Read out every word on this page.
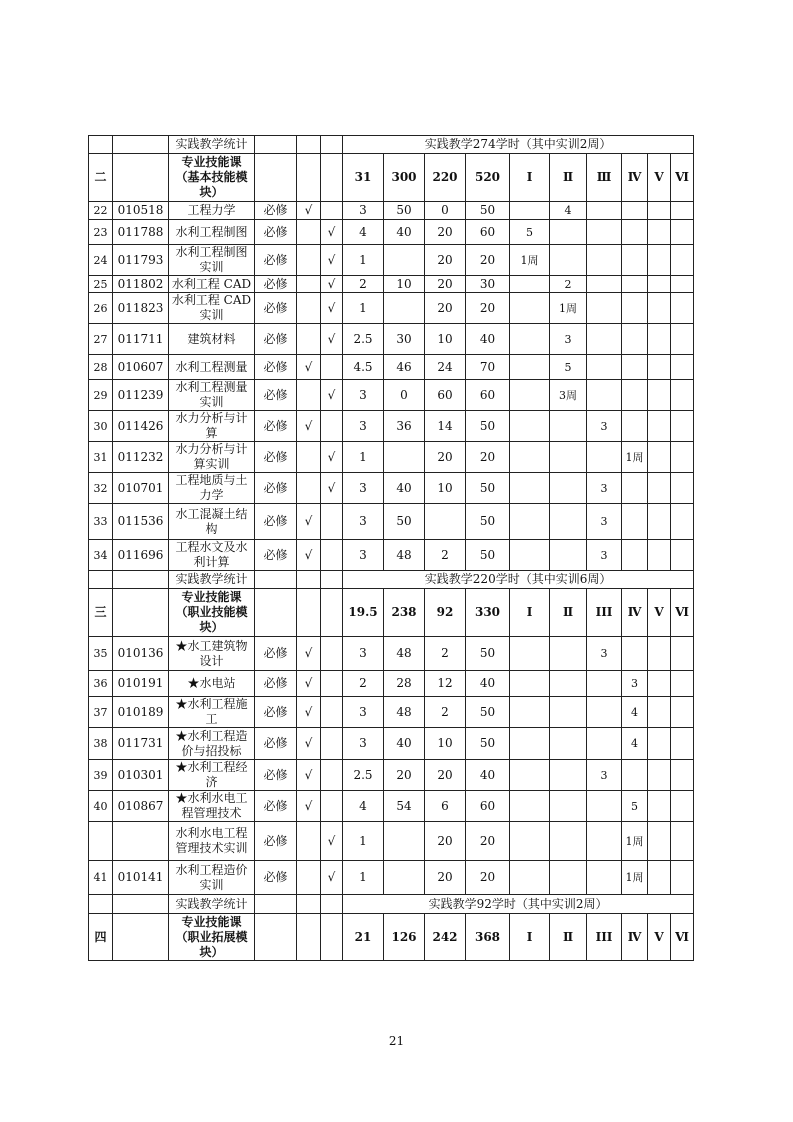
		实践教学统计				实践教学274学时（其中实训2周）									
二		专业技能课（基本技能模块）				31	300	220	520	Ⅰ	Ⅱ	Ⅲ	Ⅳ	Ⅴ	Ⅵ
22	010518	工程力学	必修	√		3	50	0	50		4				
23	011788	水利工程制图	必修		√	4	40	20	60	5					
24	011793	水利工程制图实训	必修		√	1		20	20	1周					
25	011802	水利工程 CAD	必修		√	2	10	20	30		2				
26	011823	水利工程 CAD 实训	必修		√	1		20	20		1周				
27	011711	建筑材料	必修		√	2.5	30	10	40		3				
28	010607	水利工程测量	必修	√		4.5	46	24	70		5				
29	011239	水利工程测量实训	必修		√	3	0	60	60		3周				
30	011426	水力分析与计算	必修	√		3	36	14	50			3			
31	011232	水力分析与计算实训	必修		√	1		20	20				1周		
32	010701	工程地质与土力学	必修		√	3	40	10	50			3			
33	011536	水工混凝土结构	必修	√		3	50		50			3			
34	011696	工程水文及水利计算	必修	√		3	48	2	50			3			
		实践教学统计				实践教学220学时（其中实训6周）									
三		专业技能课（职业技能模块）				19.5	238	92	330	Ⅰ	Ⅱ	III	Ⅳ	Ⅴ	Ⅵ
35	010136	★水工建筑物设计	必修	√		3	48	2	50			3			
36	010191	★水电站	必修	√		2	28	12	40				3		
37	010189	★水利工程施工	必修	√		3	48	2	50				4		
38	011731	★水利工程造价与招投标	必修	√		3	40	10	50				4		
39	010301	★水利工程经济	必修	√		2.5	20	20	40			3			
40	010867	★水利水电工程管理技术	必修	√		4	54	6	60				5		
		水利水电工程管理技术实训	必修		√	1		20	20				1周		
41	010141	水利工程造价实训	必修		√	1		20	20				1周		
		实践教学统计				实践教学92学时（其中实训2周）									
四		专业技能课（职业拓展模块）				21	126	242	368	Ⅰ	Ⅱ	III	Ⅳ	Ⅴ	Ⅵ
21
